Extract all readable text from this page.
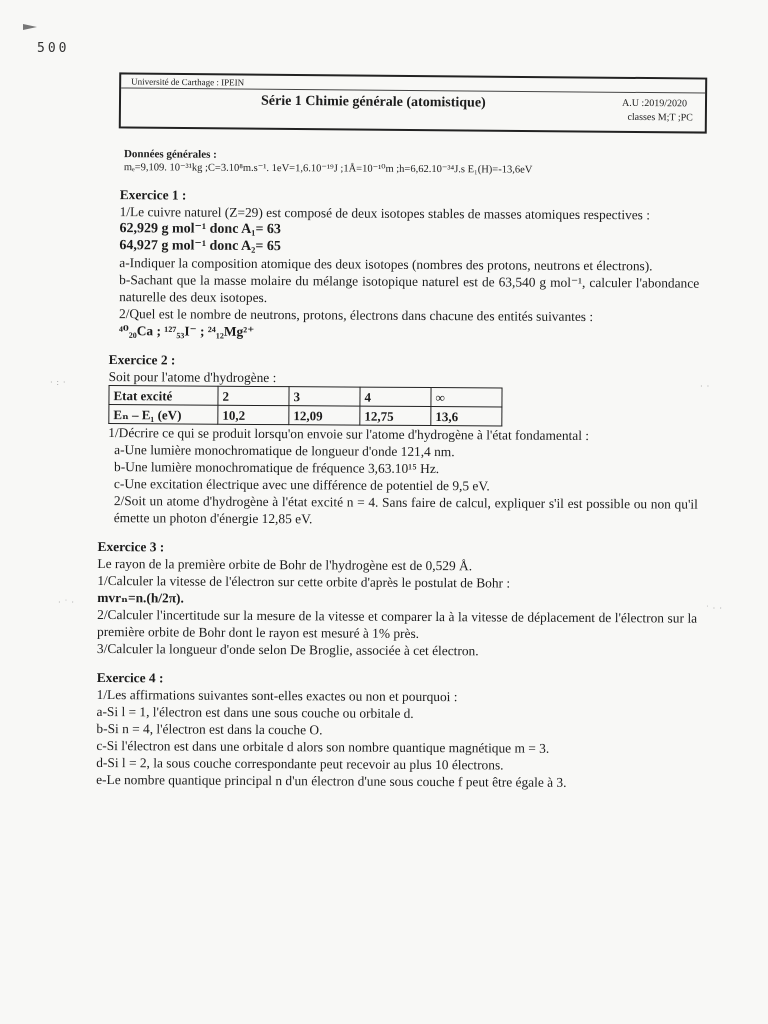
500
Université de Carthage : IPEIN
Série 1 Chimie générale (atomistique)	A.U :2019/2020
classes M;T ;PC
Données générales :
mₑ=9,109. 10⁻³¹kg ;C=3.10⁸m.s⁻¹. 1eV=1,6.10⁻¹⁹J ;1Å=10⁻¹⁰m ;h=6,62.10⁻³⁴J.s E₁(H)=-13,6eV
Exercice 1 :

1/Le cuivre naturel (Z=29) est composé de deux isotopes stables de masses atomiques respectives :

62,929 g mol⁻¹ donc A₁= 63

64,927 g mol⁻¹ donc A₂= 65

a-Indiquer la composition atomique des deux isotopes (nombres des protons, neutrons et électrons).

b-Sachant que la masse molaire du mélange isotopique naturel est de 63,540 g mol⁻¹, calculer l'abondance naturelle des deux isotopes.

2/Quel est le nombre de neutrons, protons, électrons dans chacune des entités suivantes :

⁴⁰₂₀Ca ; ¹²⁷₅₃I⁻ ; ²⁴₁₂Mg²⁺

Exercice 2 :

Soit pour l'atome d'hydrogène :

Etat excité	2	3	4	∞
Eₙ – E₁ (eV)	10,2	12,09	12,75	13,6

1/Décrire ce qui se produit lorsqu'on envoie sur l'atome d'hydrogène à l'état fondamental :

a-Une lumière monochromatique de longueur d'onde 121,4 nm.

b-Une lumière monochromatique de fréquence 3,63.10¹⁵ Hz.

c-Une excitation électrique avec une différence de potentiel de 9,5 eV.

2/Soit un atome d'hydrogène à l'état excité n = 4. Sans faire de calcul, expliquer s'il est possible ou non qu'il émette un photon d'énergie 12,85 eV.

Exercice 3 :

Le rayon de la première orbite de Bohr de l'hydrogène est de 0,529 Å.

1/Calculer la vitesse de l'électron sur cette orbite d'après le postulat de Bohr :

mvrₙ=n.(h/2π).

2/Calculer l'incertitude sur la mesure de la vitesse et comparer la à la vitesse de déplacement de l'électron sur la première orbite de Bohr dont le rayon est mesuré à 1% près.

3/Calculer la longueur d'onde selon De Broglie, associée à cet électron.

Exercice 4 :

1/Les affirmations suivantes sont-elles exactes ou non et pourquoi :

a-Si l = 1, l'électron est dans une sous couche ou orbitale d.

b-Si n = 4, l'électron est dans la couche O.

c-Si l'électron est dans une orbitale d alors son nombre quantique magnétique m = 3.

d-Si l = 2, la sous couche correspondante peut recevoir au plus 10 électrons.

e-Le nombre quantique principal n d'un électron d'une sous couche f peut être égale à 3.

· : ·
· ˙ ·
· ·
˙ · ·
